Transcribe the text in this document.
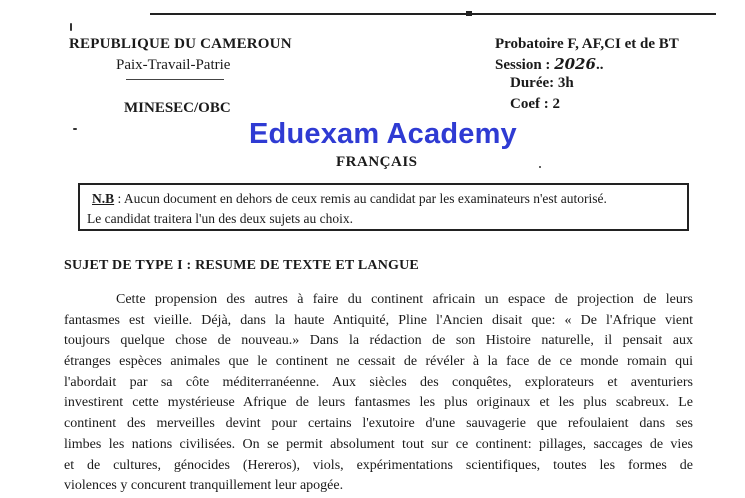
REPUBLIQUE DU CAMEROUN
Paix-Travail-Patrie
MINESEC/OBC
Probatoire F, AF,CI et de BT
Session : 2026..
Durée: 3h
Coef : 2
Eduexam Academy
FRANÇAIS
N.B : Aucun document en dehors de ceux remis au candidat par les examinateurs n'est autorisé.
Le candidat traitera l'un des deux sujets au choix.
SUJET DE TYPE I : RESUME DE TEXTE ET LANGUE
Cette propension des autres à faire du continent africain un espace de projection de leurs
fantasmes est vieille. Déjà, dans la haute Antiquité, Pline l'Ancien disait que: « De l'Afrique vient
toujours quelque chose de nouveau.» Dans la rédaction de son Histoire naturelle, il pensait aux
étranges espèces animales que le continent ne cessait de révéler à la face de ce monde romain qui
l'abordait par sa côte méditerranéenne. Aux siècles des conquêtes, explorateurs et aventuriers
investirent cette mystérieuse Afrique de leurs fantasmes les plus originaux et les plus scabreux. Le
continent des merveilles devint pour certains l'exutoire d'une sauvagerie que refoulaient dans ses
limbes les nations civilisées. On se permit absolument tout sur ce continent: pillages, saccages de vies
et de cultures, génocides (Hereros), viols, expérimentations scientifiques, toutes les formes de
violences y concurent tranquillement leur apogée.
